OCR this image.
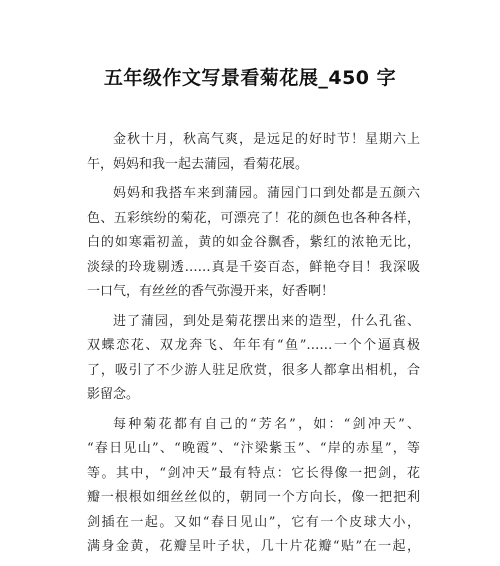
五年级作文写景看菊花展_450 字
金秋十月，秋高气爽，是远足的好时节！星期六上
午，妈妈和我一起去蒲园，看菊花展。
妈妈和我搭车来到蒲园。蒲园门口到处都是五颜六
色、五彩缤纷的菊花，可漂亮了！花的颜色也各种各样，
白的如寒霜初盖，黄的如金谷飘香，紫红的浓艳无比，
淡绿的玲珑剔透……真是千姿百态，鲜艳夺目！我深吸
一口气，有丝丝的香气弥漫开来，好香啊！
进了蒲园，到处是菊花摆出来的造型，什么孔雀、
双蝶恋花、双龙奔飞、年年有“鱼”……一个个逼真极
了，吸引了不少游人驻足欣赏，很多人都拿出相机，合
影留念。
每种菊花都有自己的“芳名”，如：“剑冲天”、
“春日见山”、“晚霞”、“汴梁紫玉”、“岸的赤星”，等
等。其中，“剑冲天”最有特点：它长得像一把剑，花
瓣一根根如细丝丝似的，朝同一个方向长，像一把把利
剑插在一起。又如“春日见山”，它有一个皮球大小，
满身金黄，花瓣呈叶子状，几十片花瓣“贴”在一起，
